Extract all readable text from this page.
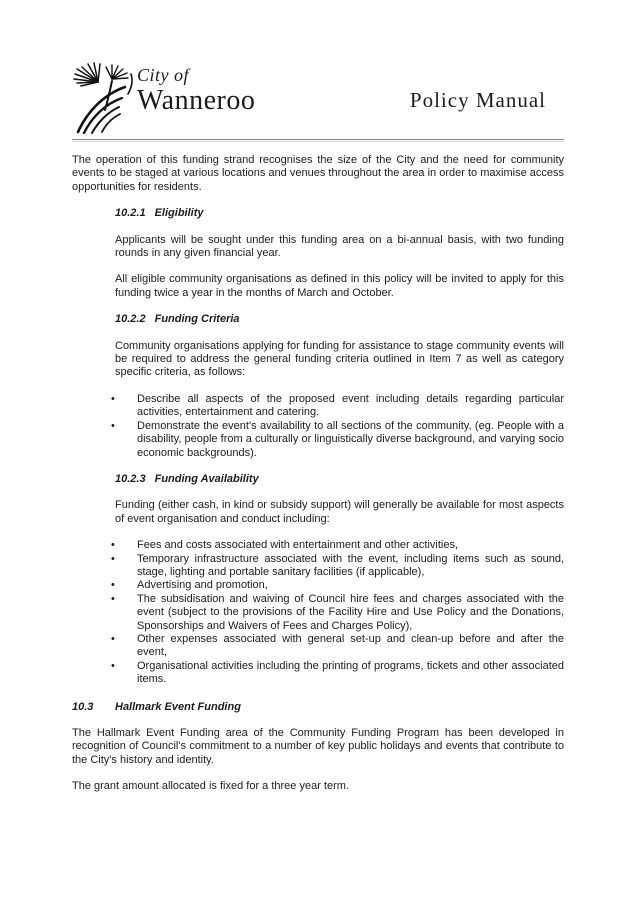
City of
Wanneroo	Policy Manual

The operation of this funding strand recognises the size of the City and the need for community events to be staged at various locations and venues throughout the area in order to maximise access opportunities for residents.

10.2.1 Eligibility

Applicants will be sought under this funding area on a bi-annual basis, with two funding rounds in any given financial year.

All eligible community organisations as defined in this policy will be invited to apply for this funding twice a year in the months of March and October.

10.2.2 Funding Criteria

Community organisations applying for funding for assistance to stage community events will be required to address the general funding criteria outlined in Item 7 as well as category specific criteria, as follows:

• Describe all aspects of the proposed event including details regarding particular activities, entertainment and catering.
• Demonstrate the event's availability to all sections of the community, (eg. People with a disability, people from a culturally or linguistically diverse background, and varying socio economic backgrounds).
10.2.3 Funding Availability

Funding (either cash, in kind or subsidy support) will generally be available for most aspects of event organisation and conduct including:

• Fees and costs associated with entertainment and other activities,
• Temporary infrastructure associated with the event, including items such as sound, stage, lighting and portable sanitary facilities (if applicable),
• Advertising and promotion,
• The subsidisation and waiving of Council hire fees and charges associated with the event (subject to the provisions of the Facility Hire and Use Policy and the Donations, Sponsorships and Waivers of Fees and Charges Policy),
• Other expenses associated with general set-up and clean-up before and after the event,
• Organisational activities including the printing of programs, tickets and other associated items.
10.3 Hallmark Event Funding

The Hallmark Event Funding area of the Community Funding Program has been developed in recognition of Council's commitment to a number of key public holidays and events that contribute to the City's history and identity.

The grant amount allocated is fixed for a three year term.
